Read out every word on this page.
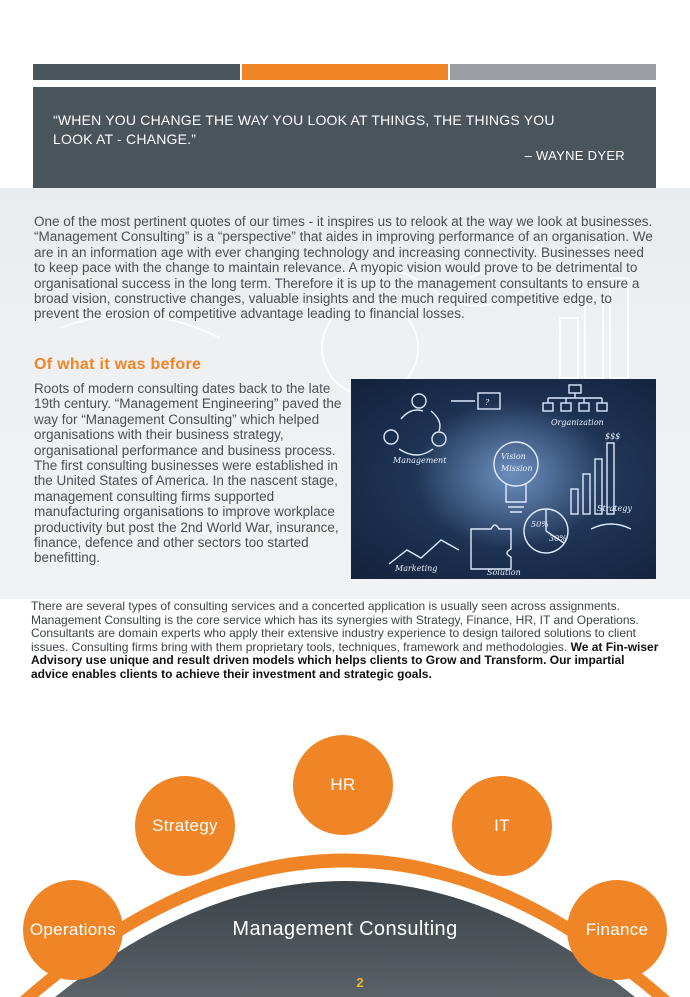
“WHEN YOU CHANGE THE WAY YOU LOOK AT THINGS, THE THINGS YOU LOOK AT - CHANGE.”
– WAYNE DYER
One of the most pertinent quotes of our times - it inspires us to relook at the way we look at businesses. “Management Consulting” is a “perspective” that aides in improving performance of an organisation. We are in an information age with ever changing technology and increasing connectivity. Businesses need to keep pace with the change to maintain relevance. A myopic vision would prove to be detrimental to organisational success in the long term. Therefore it is up to the management consultants to ensure a broad vision, constructive changes, valuable insights and the much required competitive edge, to prevent the erosion of competitive advantage leading to financial losses.
Of what it was before
Roots of modern consulting dates back to the late 19th century. “Management Engineering” paved the way for “Management Consulting” which helped organisations with their business strategy, organisational performance and business process. The first consulting businesses were established in the United States of America. In the nascent stage, management consulting firms supported manufacturing organisations to improve workplace productivity but post the 2nd World War, insurance, finance, defence and other sectors too started benefitting.
?
Organization
$$$
Management	Vision
Mission
Strategy
Marketing	Solution
50%
30%
There are several types of consulting services and a concerted application is usually seen across assignments. Management Consulting is the core service which has its synergies with Strategy, Finance, HR, IT and Operations. Consultants are domain experts who apply their extensive industry experience to design tailored solutions to client issues. Consulting firms bring with them proprietary tools, techniques, framework and methodologies. We at Fin-wiser Advisory use unique and result driven models which helps clients to Grow and Transform. Our impartial advice enables clients to achieve their investment and strategic goals.
Operations
Strategy
HR
IT
Finance
Management Consulting
2
